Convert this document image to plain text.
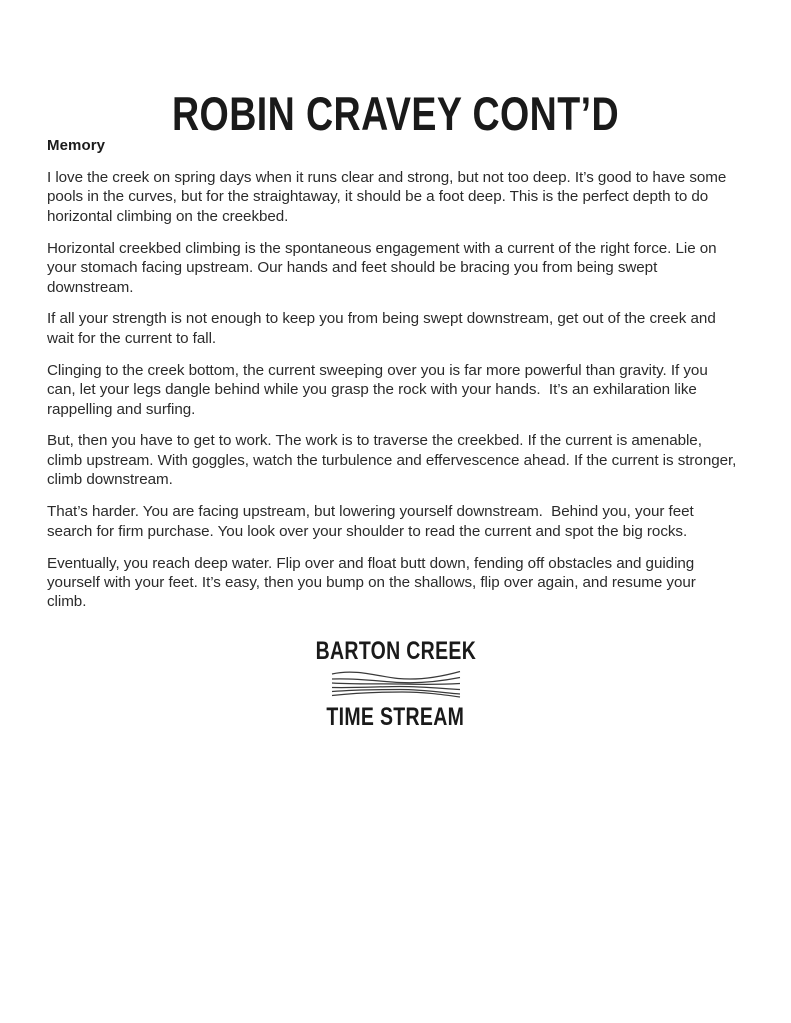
ROBIN CRAVEY CONT’D
Memory

I love the creek on spring days when it runs clear and strong, but not too deep. It’s good to have some pools in the curves, but for the straightaway, it should be a foot deep. This is the perfect depth to do horizontal climbing on the creekbed.

Horizontal creekbed climbing is the spontaneous engagement with a current of the right force. Lie on your stomach facing upstream. Our hands and feet should be bracing you from being swept downstream.

If all your strength is not enough to keep you from being swept downstream, get out of the creek and wait for the current to fall.

Clinging to the creek bottom, the current sweeping over you is far more powerful than gravity. If you can, let your legs dangle behind while you grasp the rock with your hands.  It’s an exhilaration like rappelling and surfing.

But, then you have to get to work. The work is to traverse the creekbed. If the current is amenable, climb upstream. With goggles, watch the turbulence and effervescence ahead. If the current is stronger, climb downstream.

That’s harder. You are facing upstream, but lowering yourself downstream.  Behind you, your feet search for firm purchase. You look over your shoulder to read the current and spot the big rocks.

Eventually, you reach deep water. Flip over and float butt down, fending off obstacles and guiding yourself with your feet. It’s easy, then you bump on the shallows, flip over again, and resume your climb.

BARTON CREEK
TIME STREAM
